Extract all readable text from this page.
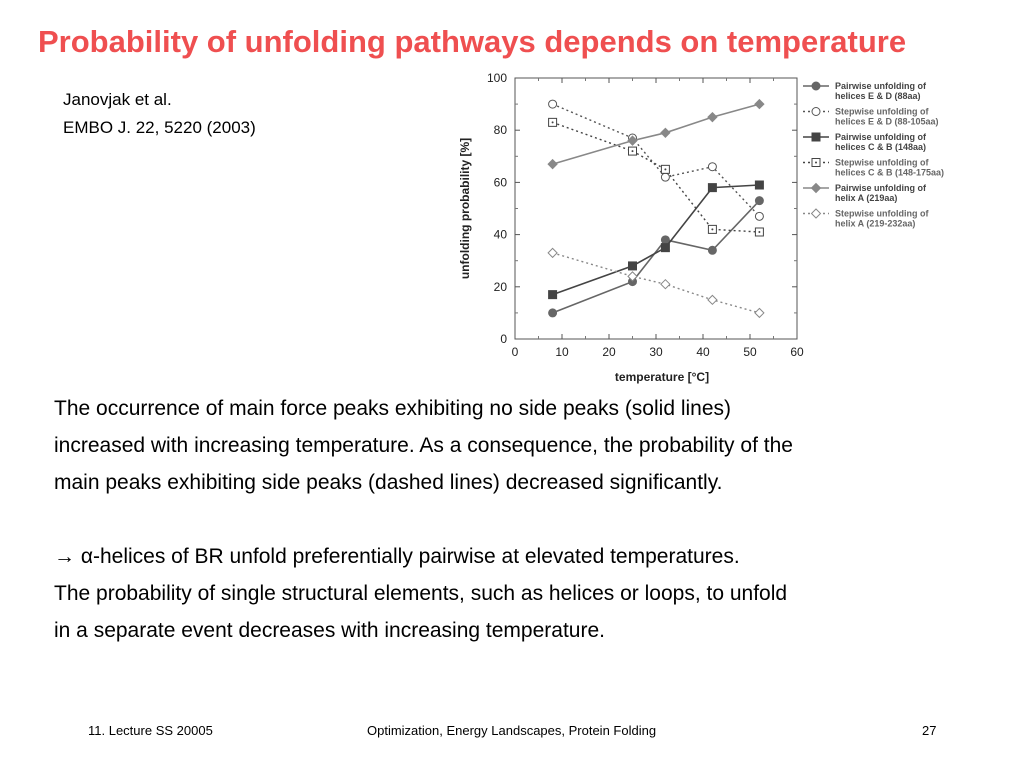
Probability of unfolding pathways depends on temperature
Janovjak et al.
EMBO J. 22, 5220 (2003)
0	10	20	30	40	50	60
0
20
40
60
80
100
temperature [°C]
unfolding probability [%]
Pairwise unfolding of
helices E & D (88aa)
Stepwise unfolding of
helices E & D (88-105aa)
Pairwise unfolding of
helices C & B (148aa)
Stepwise unfolding of
helices C & B (148-175aa)
Pairwise unfolding of
helix A (219aa)
Stepwise unfolding of
helix A (219-232aa)
The occurrence of main force peaks exhibiting no side peaks (solid lines)
increased with increasing temperature. As a consequence, the probability of the
main peaks exhibiting side peaks (dashed lines) decreased significantly.
→ α-helices of BR unfold preferentially pairwise at elevated temperatures.
The probability of single structural elements, such as helices or loops, to unfold
in a separate event decreases with increasing temperature.
11. Lecture SS 20005	Optimization, Energy Landscapes, Protein Folding	27
